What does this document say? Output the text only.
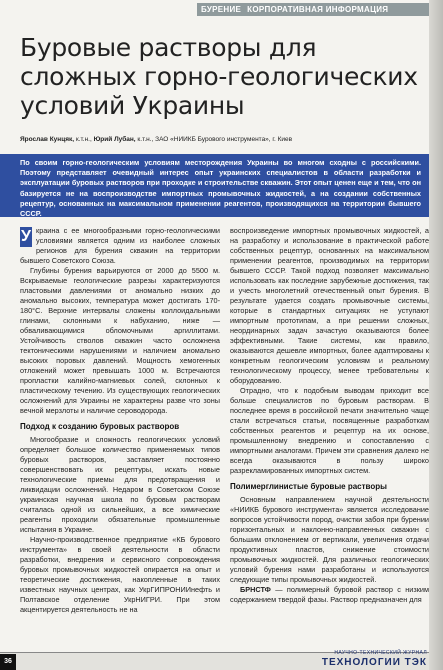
БУРЕНИЕ КОРПОРАТИВНАЯ ИНФОРМАЦИЯ
Буровые растворы для сложных горно-геологических условий Украины
Ярослав Кунцяк, к.т.н., Юрий Лубан, к.т.н., ЗАО «НИИКБ Бурового инструмента», г. Киев
По своим горно-геологическим условиям месторождения Украины во многом сходны с российскими. Поэтому представляет очевидный интерес опыт украинских специалистов в области разработки и эксплуатации буровых растворов при проходке и строительстве скважин. Этот опыт ценен еще и тем, что он базируется не на воспроизводстве импортных промывочных жидкостей, а на создании собственных рецептур, основанных на максимальном применении реагентов, производящихся на территории бывшего СССР.

У краина с ее многообразными горно-геологическими условиями является одним из наиболее сложных регионов для бурения скважин на территории бывшего Советского Союза.

Глубины бурения варьируются от 2000 до 5500 м. Вскрываемые геологические разрезы характеризуются пластовыми давлениями от аномально низких до аномально высоких, температура может достигать 170-180°С. Верхние интервалы сложены коллоидальными глинами, склонными к набуханию, ниже — обваливающимися обломочными аргиллитами. Устойчивость стволов скважин часто осложнена тектоническими нарушениями и наличием аномально высоких поровых давлений. Мощность хемогенных отложений может превышать 1000 м. Встречаются пропластки калийно-магниевых солей, склонных к пластическому течению. Из существующих геологических осложнений для Украины не характерны разве что зоны вечной мерзлоты и наличие сероводорода.

Подход к созданию буровых растворов

Многообразие и сложность геологических условий определяет большое количество применяемых типов буровых растворов, заставляет постоянно совершенствовать их рецептуры, искать новые технологические приемы для предотвращения и ликвидации осложнений. Недаром в Советском Союзе украинская научная школа по буровым растворам считалась одной из сильнейших, а все химические реагенты проходили обязательные промышленные испытания в Украине.

Научно-производственное предприятие «КБ бурового инструмента» в своей деятельности в области разработки, внедрения и сервисного сопровождения буровых промывочных жидкостей опирается на опыт и теоретические достижения, накопленные в таких известных научных центрах, как УкрГИПРОНИИнефть и Полтавское отделение УкрНИГРИ. При этом акцентируется деятельность не на

воспроизведение импортных промывочных жидкостей, а на разработку и использование в практической работе собственных рецептур, основанных на максимальном применении реагентов, производимых на территории бывшего СССР. Такой подход позволяет максимально использовать как последние зарубежные достижения, так и учесть многолетний отечественный опыт бурения. В результате удается создать промывочные системы, которые в стандартных ситуациях не уступают импортным прототипам, а при решении сложных, неординарных задач зачастую оказываются более эффективными. Такие системы, как правило, оказываются дешевле импортных, более адаптированы к конкретным геологическим условиям и реальному технологическому процессу, менее требовательны к оборудованию.

Отрадно, что к подобным выводам приходит все больше специалистов по буровым растворам. В последнее время в российской печати значительно чаще стали встречаться статьи, посвященные разработкам собственных реагентов и рецептур на их основе, промышленному внедрению и сопоставлению с импортными аналогами. Причем эти сравнения далеко не всегда оказываются в пользу широко разрекламированных импортных систем.

Полимерглинистые буровые растворы

Основным направлением научной деятельности «НИИКБ бурового инструмента» является исследование вопросов устойчивости пород, очистки забоя при бурении горизонтальных и наклонно-направленных скважин с большим отклонением от вертикали, увеличения отдачи продуктивных пластов, снижение стоимости промывочных жидкостей. Для различных геологических условий бурения нами разработаны и используются следующие типы промывочных жидкостей.

БРНСТФ — полимерный буровой раствор с низким содержанием твердой фазы. Раствор предназначен для

36
НАУЧНО-ТЕХНИЧЕСКИЙ ЖУРНАЛ
ТЕХНОЛОГИИ ТЭК
